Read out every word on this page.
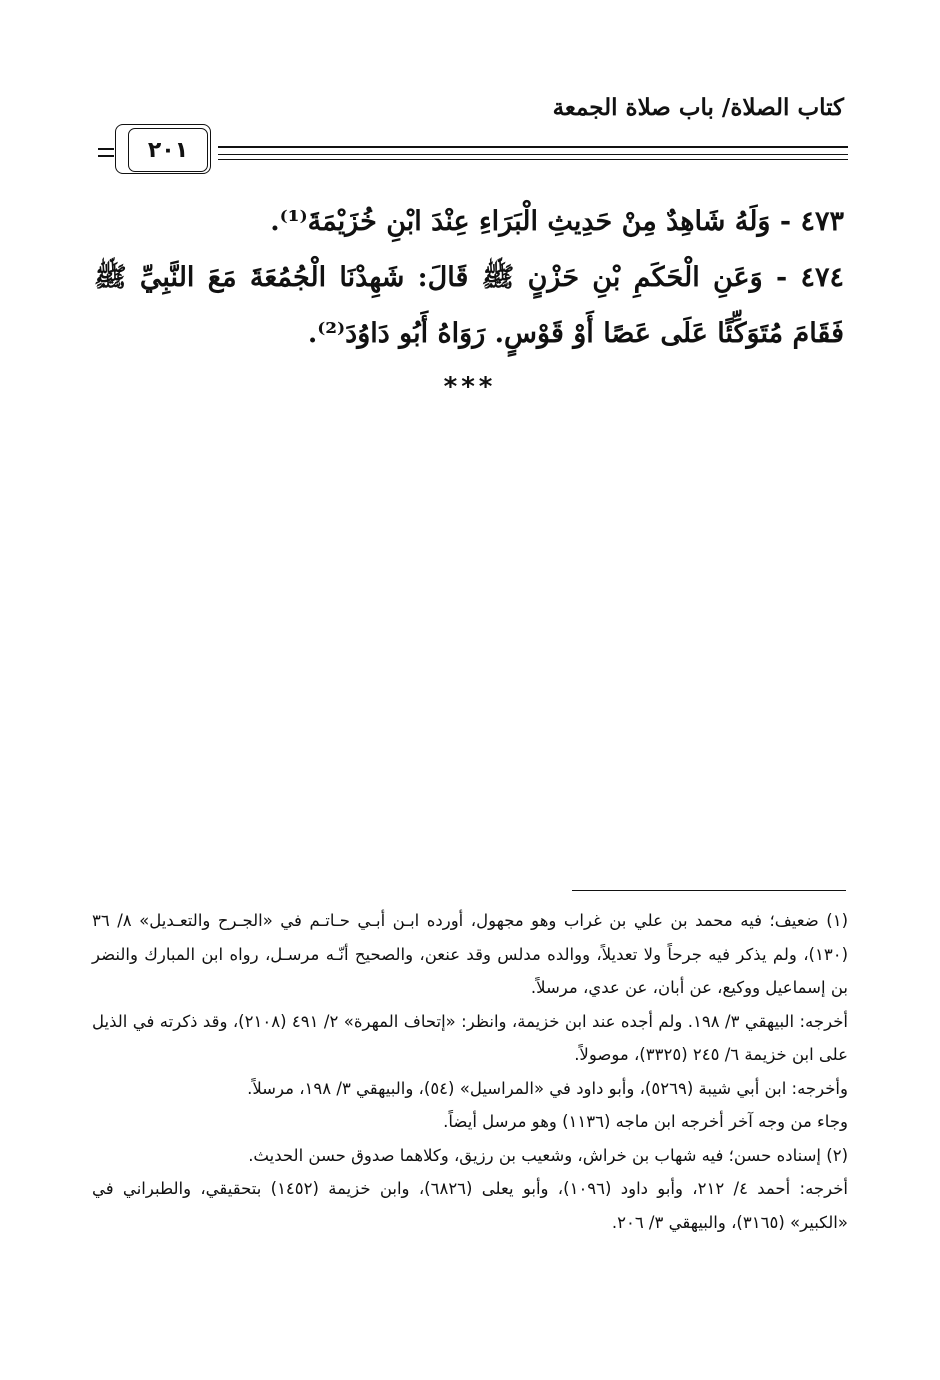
كتاب الصلاة/ باب صلاة الجمعة
٢٠١

٤٧٣ - وَلَهُ شَاهِدٌ مِنْ حَدِيثِ الْبَرَاءِ عِنْدَ ابْنِ خُزَيْمَةَ⁽¹⁾.

٤٧٤ - وَعَنِ الْحَكَمِ بْنِ حَزْنٍ ﷺ قَالَ: شَهِدْنَا الْجُمُعَةَ مَعَ النَّبِيِّ ﷺ فَقَامَ مُتَوَكِّئًا عَلَى عَصًا أَوْ قَوْسٍ. رَوَاهُ أَبُو دَاوُدَ⁽²⁾.

***

(١) ضعيف؛ فيه محمد بن علي بن غراب وهو مجهول، أورده ابـن أبـي حـاتـم في «الجـرح والتعـديل» ٨/ ٣٦ (١٣٠)، ولم يذكر فيه جرحاً ولا تعديلاً، ووالده مدلس وقد عنعن، والصحيح أنّـه مرسـل، رواه ابن المبارك والنضر بن إسماعيل ووكيع، عن أبان، عن عدي، مرسلاً.

أخرجه: البيهقي ٣/ ١٩٨. ولم أجده عند ابن خزيمة، وانظر: «إتحاف المهرة» ٢/ ٤٩١ (٢١٠٨)، وقد ذكرته في الذيل على ابن خزيمة ٦/ ٢٤٥ (٣٣٢٥)، موصولاً.

وأخرجه: ابن أبي شيبة (٥٢٦٩)، وأبو داود في «المراسيل» (٥٤)، والبيهقي ٣/ ١٩٨، مرسلاً.

وجاء من وجه آخر أخرجه ابن ماجه (١١٣٦) وهو مرسل أيضاً.

(٢) إسناده حسن؛ فيه شهاب بن خراش، وشعيب بن رزيق، وكلاهما صدوق حسن الحديث.

أخرجه: أحمد ٤/ ٢١٢، وأبو داود (١٠٩٦)، وأبو يعلى (٦٨٢٦)، وابن خزيمة (١٤٥٢) بتحقيقي، والطبراني في «الكبير» (٣١٦٥)، والبيهقي ٣/ ٢٠٦.
